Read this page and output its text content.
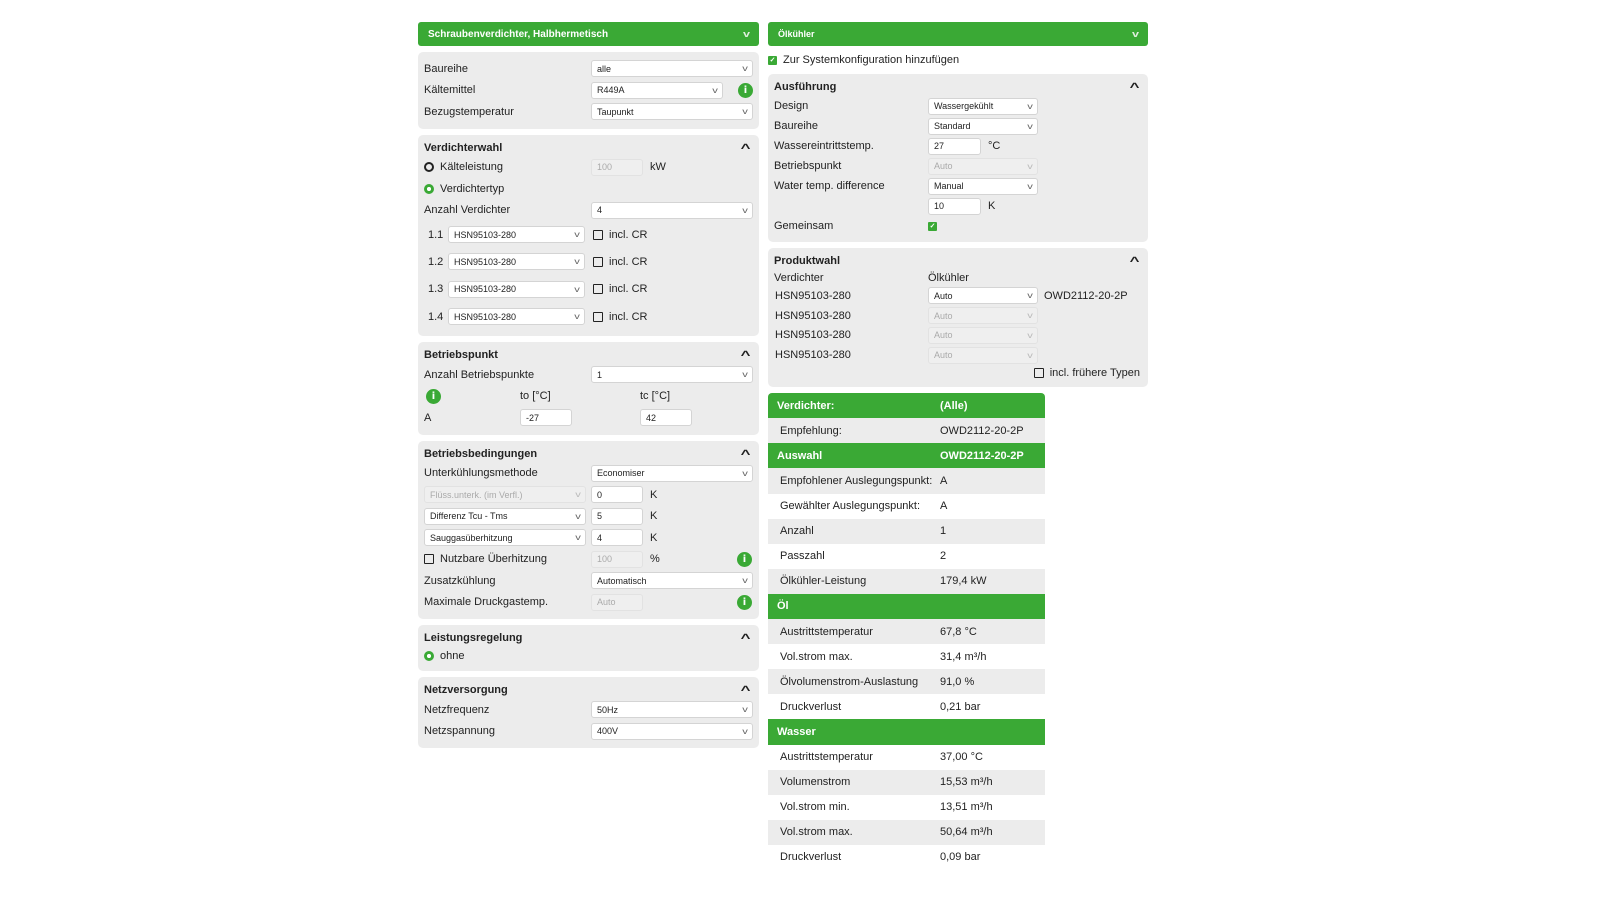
Schraubenverdichter, Halbhermetisch	v
Baureihe	alle	v
Kältemittel	R449A	v	i
Bezugstemperatur	Taupunkt	v
Verdichterwahl	^
Kälteleistung	100	kW
Verdichtertyp
Anzahl Verdichter	4	v
1.1	HSN95103-280	v	incl. CR
1.2	HSN95103-280	v	incl. CR
1.3	HSN95103-280	v	incl. CR
1.4	HSN95103-280	v	incl. CR
Betriebspunkt	^
Anzahl Betriebspunkte	1	v
i	to [°C]	tc [°C]
A	-27	42
Betriebsbedingungen	^
Unterkühlungsmethode	Economiser	v
Flüss.unterk. (im Verfl.)	v	0	K
Differenz Tcu - Tms	v	5	K
Sauggasüberhitzung	v	4	K
Nutzbare Überhitzung	100	%	i
Zusatzkühlung	Automatisch	v
Maximale Druckgastemp.	Auto	i
Leistungsregelung	^
ohne
Netzversorgung	^
Netzfrequenz	50Hz	v
Netzspannung	400V	v
Ölkühler	v
✓ Zur Systemkonfiguration hinzufügen
Ausführung	^
Design	Wassergekühlt	v
Baureihe	Standard	v
Wassereintrittstemp.	27	°C
Betriebspunkt	Auto	v
Water temp. difference	Manual	v
10	K
Gemeinsam	✓
Produktwahl	^
Verdichter	Ölkühler
HSN95103-280	Auto	v OWD2112-20-2P
HSN95103-280	Auto	v
HSN95103-280	Auto	v
HSN95103-280	Auto	v
incl. frühere Typen
Verdichter:	(Alle)
Empfehlung:	OWD2112-20-2P
Auswahl	OWD2112-20-2P
Empfohlener Auslegungspunkt: A
Gewählter Auslegungspunkt:	A
Anzahl	1
Passzahl	2
Ölkühler-Leistung	179,4 kW
Öl
Austrittstemperatur	67,8 °C
Vol.strom max.	31,4 m³/h
Ölvolumenstrom-Auslastung	91,0 %
Druckverlust	0,21 bar
Wasser
Austrittstemperatur	37,00 °C
Volumenstrom	15,53 m³/h
Vol.strom min.	13,51 m³/h
Vol.strom max.	50,64 m³/h
Druckverlust	0,09 bar
